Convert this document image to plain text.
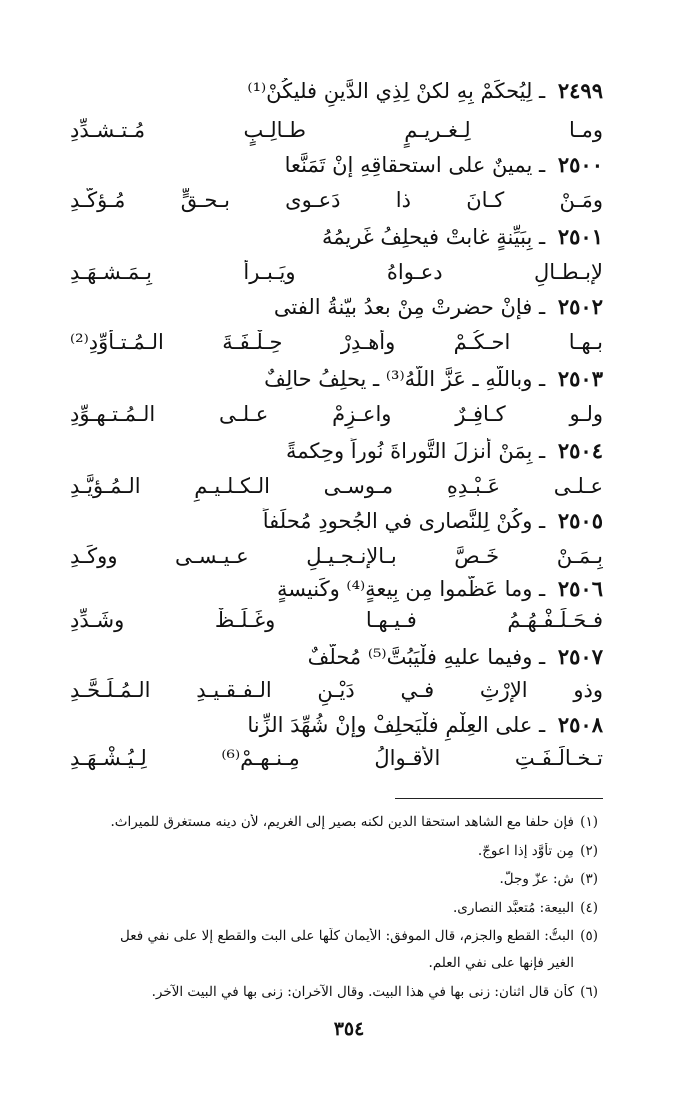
٢٤٩٩ ـ لِيُحكَمْ بِهِ لكنْ لِذِي الدَّينِ فليكُنْ⁽¹⁾
ومـا لِـغـريـمٍ طـالِـبٍ مُـتـشـدِّدِ
٢٥٠٠ ـ يمينٌ على استحقاقِهِ إنْ تَمَنَّعا
ومَـنْ كـانَ ذا دَعـوى بـحـقٍّ مُـؤكَّـدِ
٢٥٠١ ـ بِبَيِّنةٍ غابتْ فيحلِفُ غَريمُهُ
لإبـطـالِ دعـواهُ ويَـبـرأُ بِـمَـشـهَـدِ
٢٥٠٢ ـ فإنْ حضرتْ مِنْ بعدُ بيّنةُ الفتى
بـهـا احـكُـمْ وأهـدِرْ حِـلْـفَـةَ الـمُـتـأوِّدِ⁽²⁾
٢٥٠٣ ـ وباللّهِ ـ عَزَّ اللّهُ⁽³⁾ ـ يحلِفُ حالِفٌ
ولـو كـافِـرٌ واعـزِمْ عـلـى الـمُـتـهـوِّدِ
٢٥٠٤ ـ بِمَنْ أنزلَ التَّوراةَ نُوراً وحِكمةً
عـلـى عَـبْـدِهِ مـوسـى الـكـلـيـمِ الـمُـؤيَّـدِ
٢٥٠٥ ـ وكُنْ لِلنَّصارى في الجُحودِ مُحلِّفاً
بِـمَـنْ خَـصَّ بـالإنـجـيـلِ عـيـسـى ووكِّـدِ
٢٥٠٦ ـ وما عَظَّموا مِن بِيعةٍ⁽⁴⁾ وكَنيسةٍ
فـحَـلِّـفْـهُـمُ فـيـهـا وغَـلِّـظْ وشَـدِّدِ
٢٥٠٧ ـ وفيما عليهِ فلْيَبُتَّ⁽⁵⁾ مُحلَّفٌ
وذو الإرْثِ فـي دَيْـنِ الـفـقـيـدِ الـمُـلَـحَّـدِ
٢٥٠٨ ـ على العِلْمِ فلْيَحلِفْ وإنْ شُهِّدَ الزِّنا
تـخـالَـفَـتِ الأقـوالُ مِـنـهـمْ⁽⁶⁾ لِـيُـشْـهَـدِ
(١)فإن حلفا مع الشاهد استحقا الدين لكنه بصير إلى الغريم، لأن دينه مستغرق للميراث.
(٢)مِن تأوَّد إذا اعوجّ.
(٣)ش: عزّ وجلّ.
(٤)البيعة: مُتعبَّد النصارى.
(٥)البتُّ: القطع والجزم، قال الموفق: الأيمان كلّها على البت والقطع إلا على نفي فعل
الغير فإنها على نفي العلم.
(٦)كأن قال اثنان: زنى بها في هذا البيت. وقال الآخران: زنى بها في البيت الآخر.
٣٥٤
